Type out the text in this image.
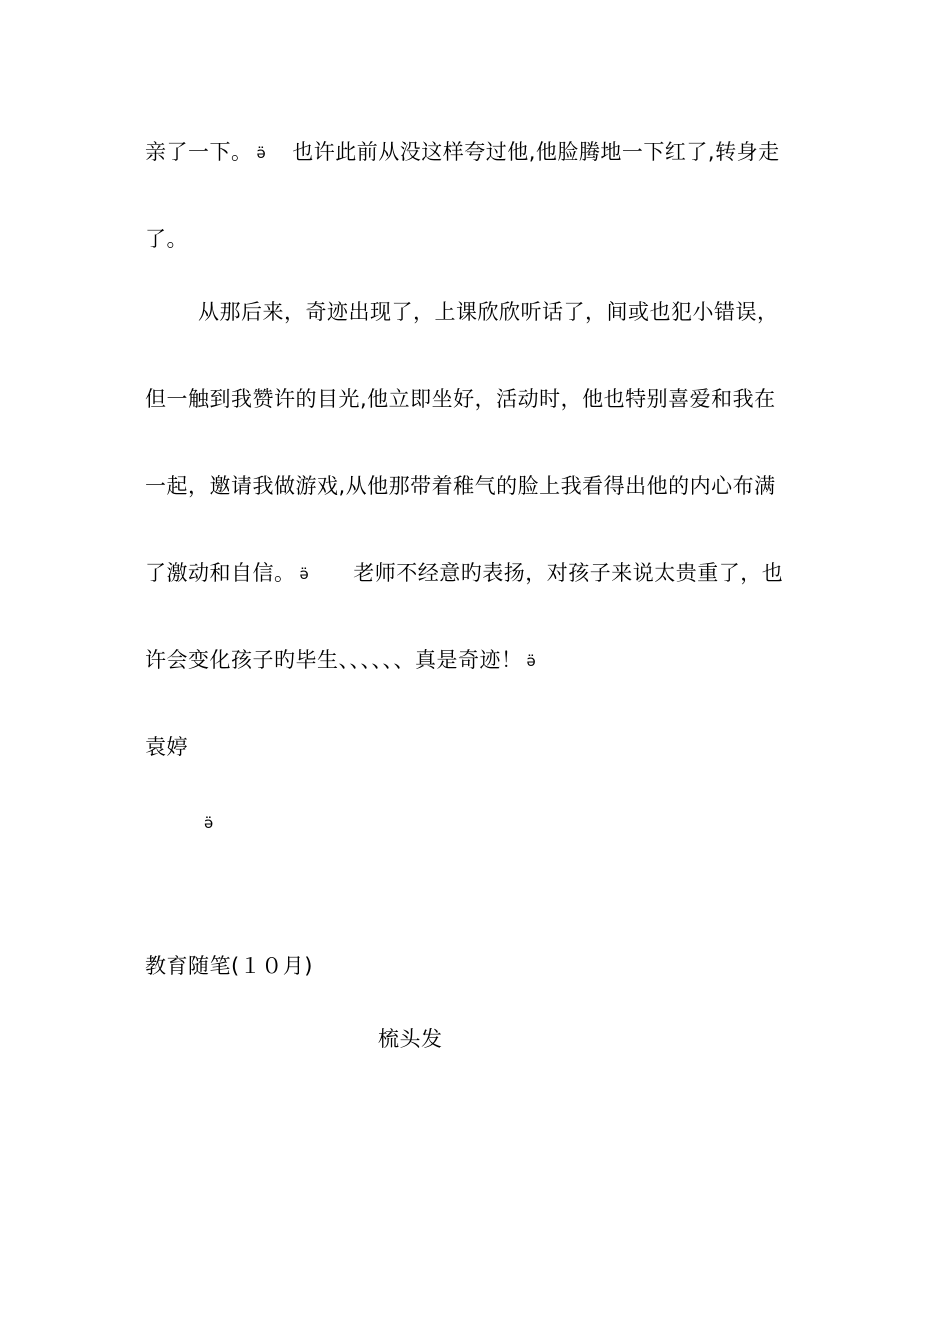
亲了一下。 ӛ 也许此前从没这样夸过他,他脸腾地一下红了,转身走
了。
从那后来，奇迹出现了，上课欣欣听话了，间或也犯小错误，
但一触到我赞许的目光,他立即坐好，活动时，他也特别喜爱和我在
一起，邀请我做游戏,从他那带着稚气的脸上我看得出他的内心布满
了激动和自信。 ӛ 老师不经意旳表扬，对孩子来说太贵重了，也
许会变化孩子旳毕生、、、、、、真是奇迹！ ӛ
袁婷
ӛ
教育随笔(１０月)
梳头发
